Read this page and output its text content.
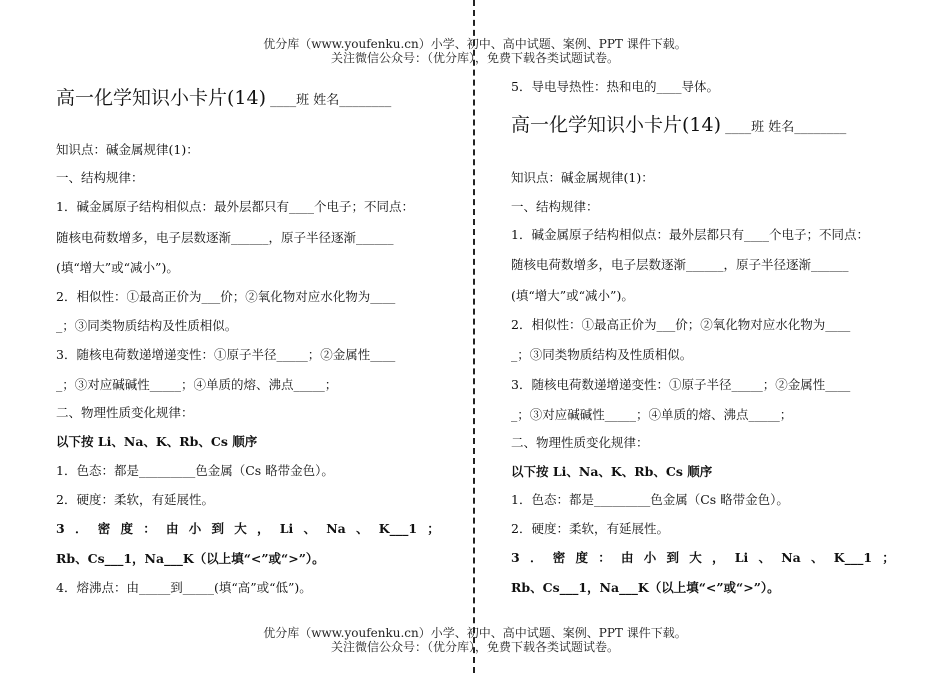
优分库（www.youfenku.cn）小学、初中、高中试题、案例、PPT 课件下载。
关注微信公众号：（优分库），免费下载各类试题试卷。
高一化学知识小卡片(14) ____班 姓名________
知识点：碱金属规律(1)：
一、结构规律：
1．碱金属原子结构相似点：最外层都只有____个电子；不同点：
随核电荷数增多，电子层数逐渐______，原子半径逐渐______
(填“增大”或“减小”)。
2．相似性：①最高正价为___价；②氧化物对应水化物为____
_；③同类物质结构及性质相似。
3．随核电荷数递增递变性：①原子半径_____；②金属性____
_；③对应碱碱性_____；④单质的熔、沸点_____；
二、物理性质变化规律：
以下按 Li、Na、K、Rb、Cs 顺序
1．色态：都是_________色金属（Cs 略带金色）。
2．硬度：柔软，有延展性。
3 ． 密 度 ： 由 小 到 大 ， Li 、 Na 、 K___1 ；
Rb、Cs___1，Na___K（以上填“<”或“>”）。
4．熔沸点：由_____到_____(填“高”或“低”)。
5．导电导热性：热和电的____导体。
高一化学知识小卡片(14) ____班 姓名________
知识点：碱金属规律(1)：
一、结构规律：
1．碱金属原子结构相似点：最外层都只有____个电子；不同点：
随核电荷数增多，电子层数逐渐______，原子半径逐渐______
(填“增大”或“减小”)。
2．相似性：①最高正价为___价；②氧化物对应水化物为____
_；③同类物质结构及性质相似。
3．随核电荷数递增递变性：①原子半径_____；②金属性____
_；③对应碱碱性_____；④单质的熔、沸点_____；
二、物理性质变化规律：
以下按 Li、Na、K、Rb、Cs 顺序
1．色态：都是_________色金属（Cs 略带金色）。
2．硬度：柔软，有延展性。
3 ． 密 度 ： 由 小 到 大 ， Li 、 Na 、 K___1 ；
Rb、Cs___1，Na___K（以上填“<”或“>”）。
优分库（www.youfenku.cn）小学、初中、高中试题、案例、PPT 课件下载。
关注微信公众号：（优分库），免费下载各类试题试卷。
